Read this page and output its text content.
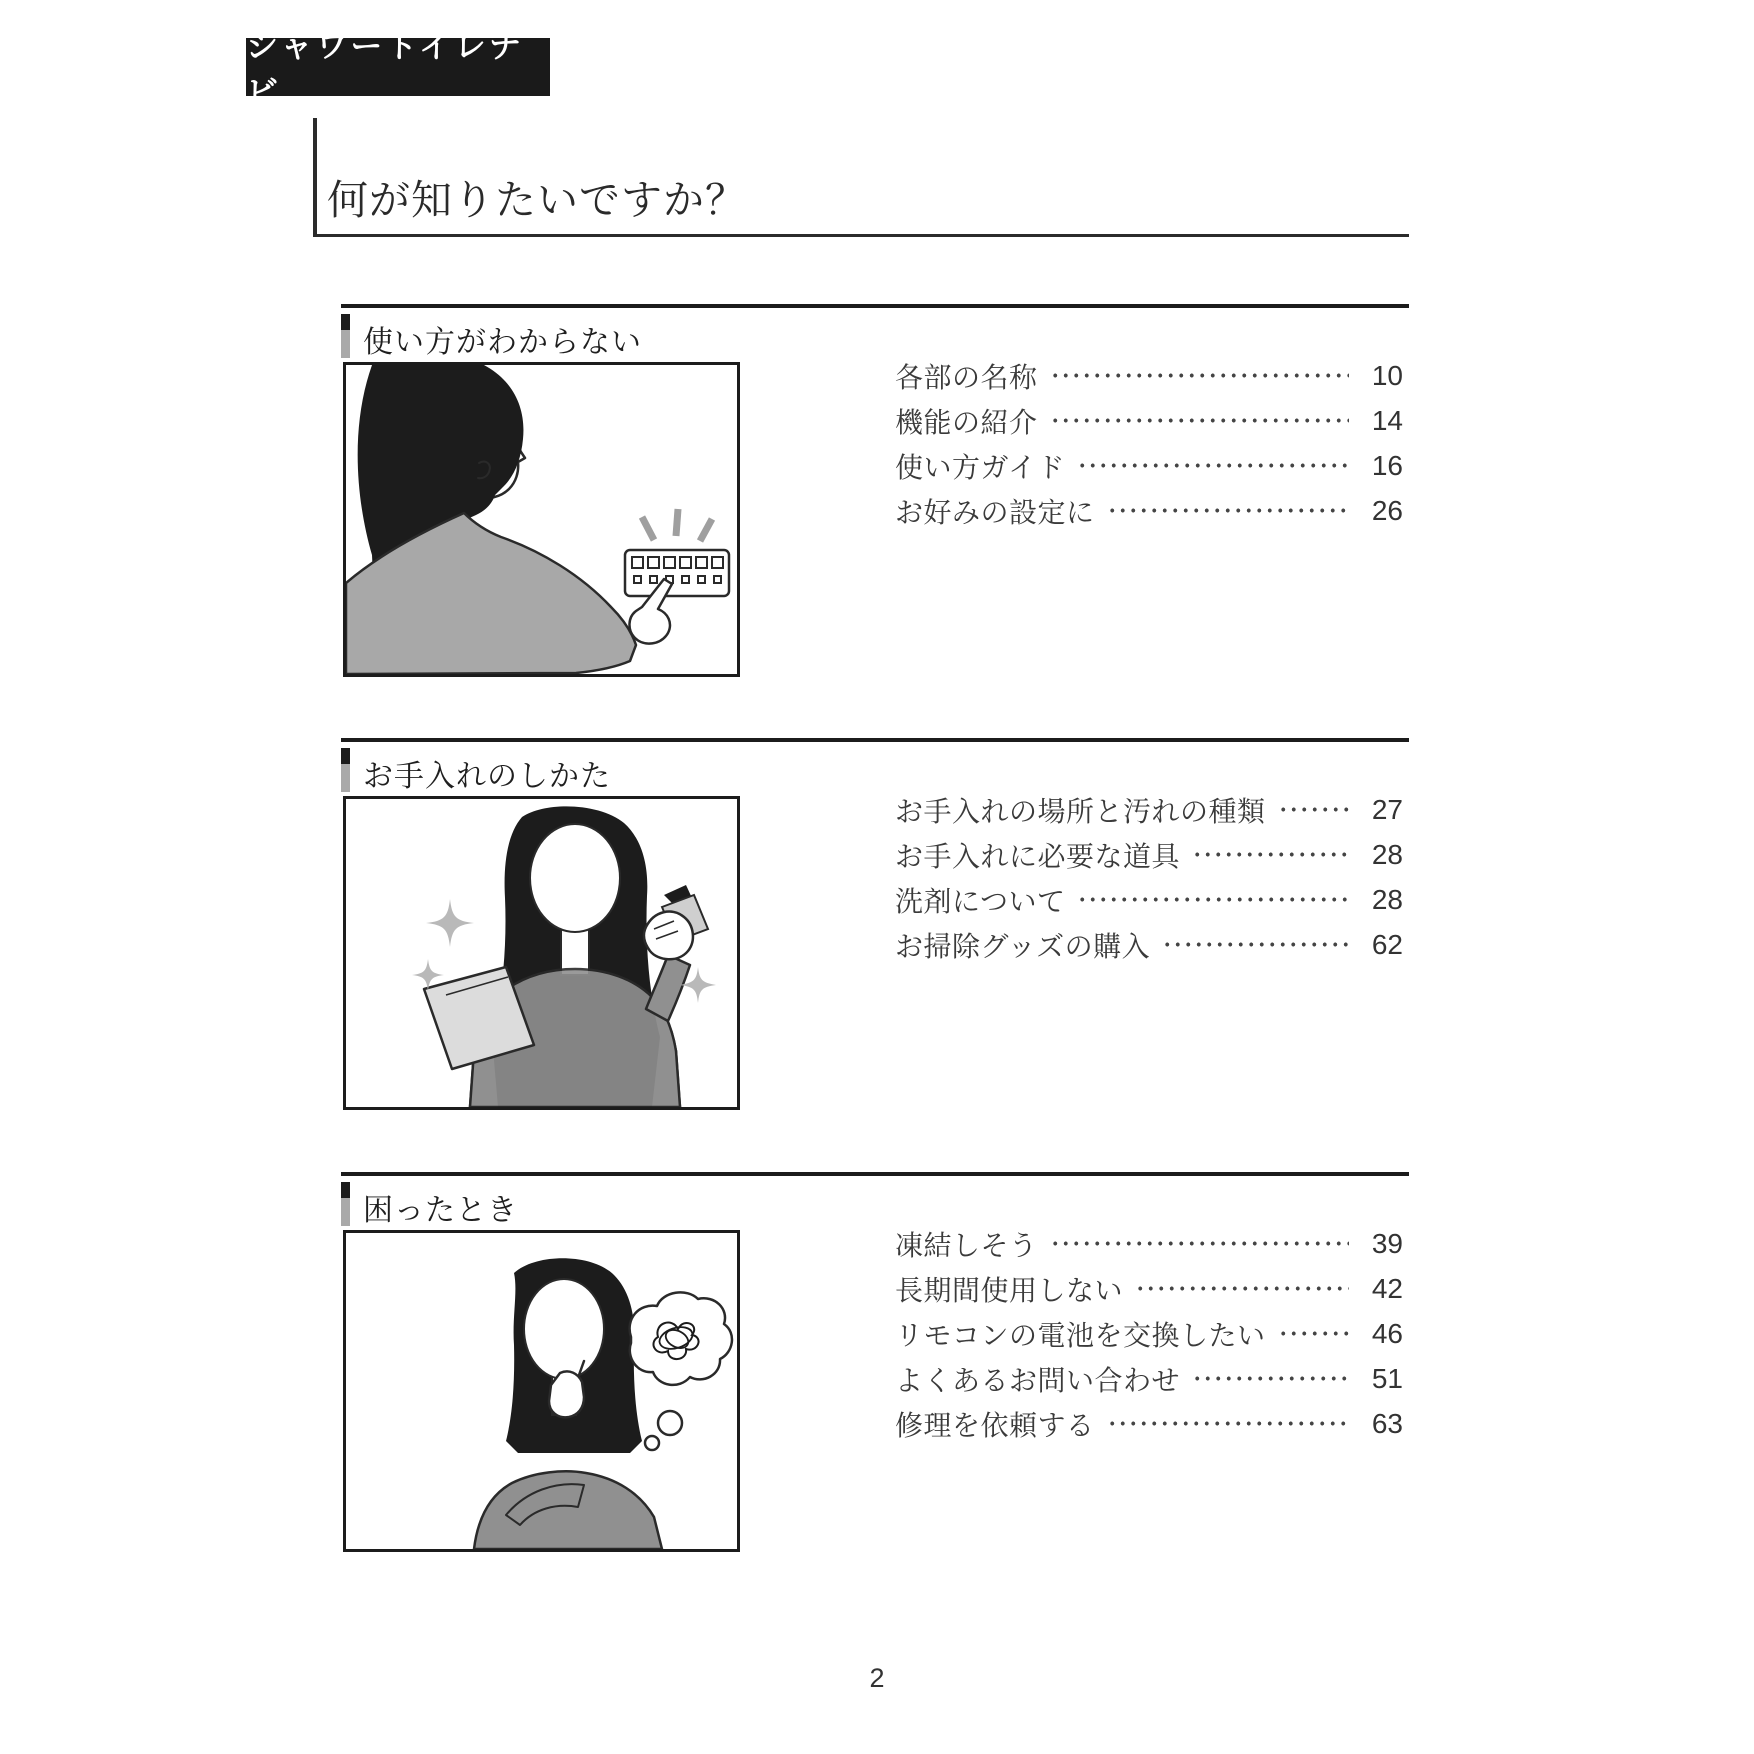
シャワートイレナビ
何が知りたいですか？
使い方がわからない
各部の名称	10
機能の紹介	14
使い方ガイド	16
お好みの設定に	26
お手入れのしかた
お手入れの場所と汚れの種類	27
お手入れに必要な道具	28
洗剤について	28
お掃除グッズの購入	62
困ったとき
凍結しそう	39
長期間使用しない	42
リモコンの電池を交換したい	46
よくあるお問い合わせ	51
修理を依頼する	63
2
